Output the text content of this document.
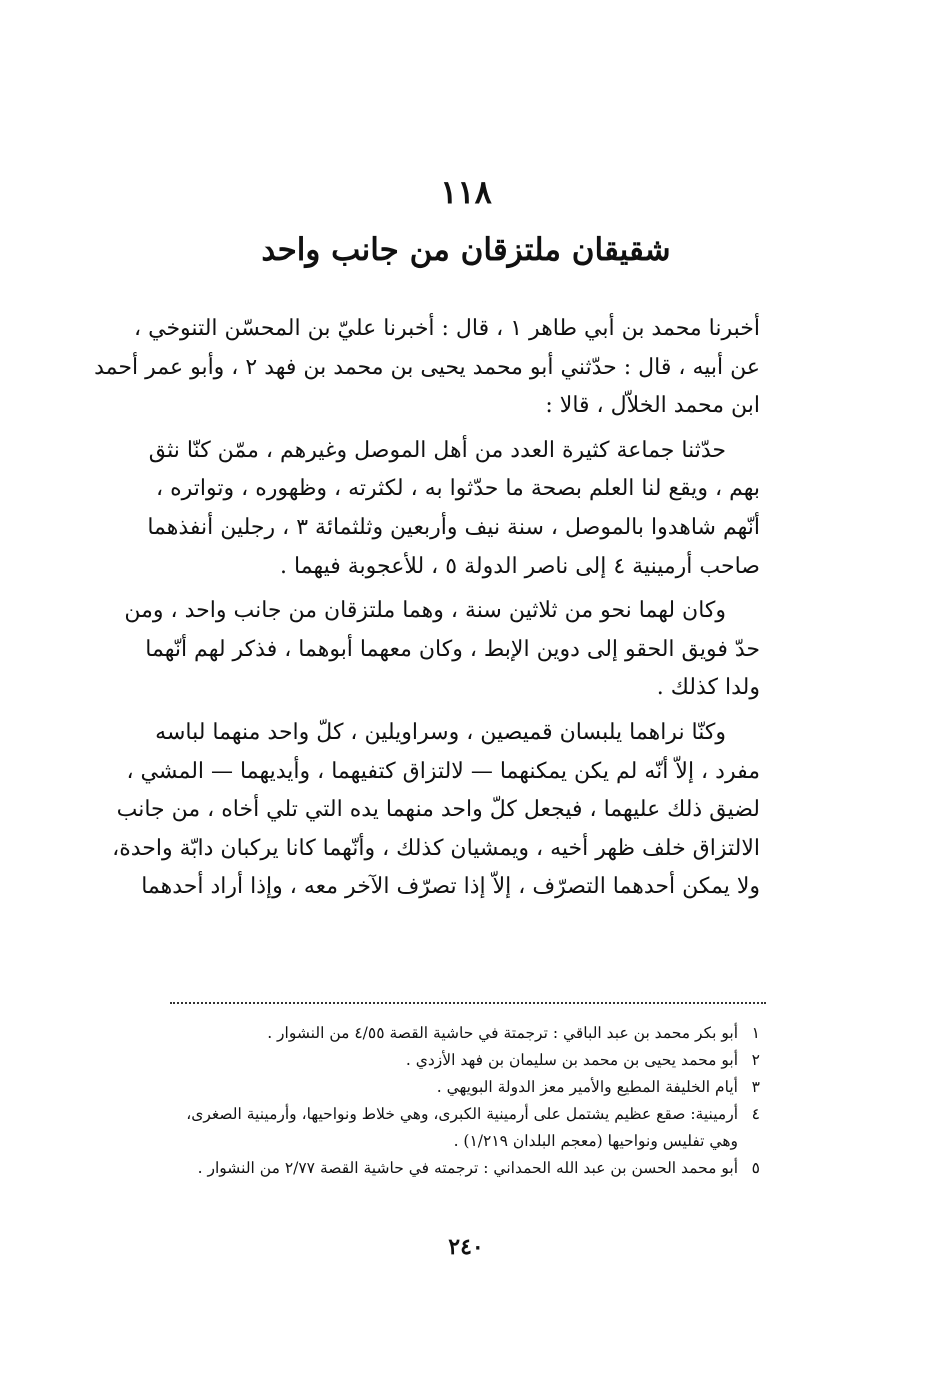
١١٨
شقيقان ملتزقان من جانب واحد
أخبرنا محمد بن أبي طاهر ١ ، قال : أخبرنا عليّ بن المحسّن التنوخي ،
عن أبيه ، قال : حدّثني أبو محمد يحيى بن محمد بن فهد ٢ ، وأبو عمر أحمد
ابن محمد الخلاّل ، قالا :
حدّثنا جماعة كثيرة العدد من أهل الموصل وغيرهم ، ممّن كنّا نثق
بهم ، ويقع لنا العلم بصحة ما حدّثوا به ، لكثرته ، وظهوره ، وتواتره ،
أنّهم شاهدوا بالموصل ، سنة نيف وأربعين وثلثمائة ٣ ، رجلين أنفذهما
صاحب أرمينية ٤ إلى ناصر الدولة ٥ ، للأعجوبة فيهما .
وكان لهما نحو من ثلاثين سنة ، وهما ملتزقان من جانب واحد ، ومن
حدّ فويق الحقو إلى دوين الإبط ، وكان معهما أبوهما ، فذكر لهم أنّهما
ولدا كذلك .
وكنّا نراهما يلبسان قميصين ، وسراويلين ، كلّ واحد منهما لباسه
مفرد ، إلاّ أنّه لم يكن يمكنهما — لالتزاق كتفيهما ، وأيديهما — المشي ،
لضيق ذلك عليهما ، فيجعل كلّ واحد منهما يده التي تلي أخاه ، من جانب
الالتزاق خلف ظهر أخيه ، ويمشيان كذلك ، وأنّهما كانا يركبان دابّة واحدة،
ولا يمكن أحدهما التصرّف ، إلاّ إذا تصرّف الآخر معه ، وإذا أراد أحدهما
١أبو بكر محمد بن عبد الباقي : ترجمتة في حاشية القصة ٤/٥٥ من النشوار .
٢أبو محمد يحيى بن محمد بن سليمان بن فهد الأزدي .
٣أيام الخليفة المطيع والأمير معز الدولة البويهي .
٤أرمينية: صقع عظيم يشتمل على أرمينية الكبرى، وهي خلاط ونواحيها، وأرمينية الصغرى،
وهي تفليس ونواحيها (معجم البلدان ١/٢١٩) .
٥أبو محمد الحسن بن عبد الله الحمداني : ترجمته في حاشية القصة ٢/٧٧ من النشوار .
٢٤٠
